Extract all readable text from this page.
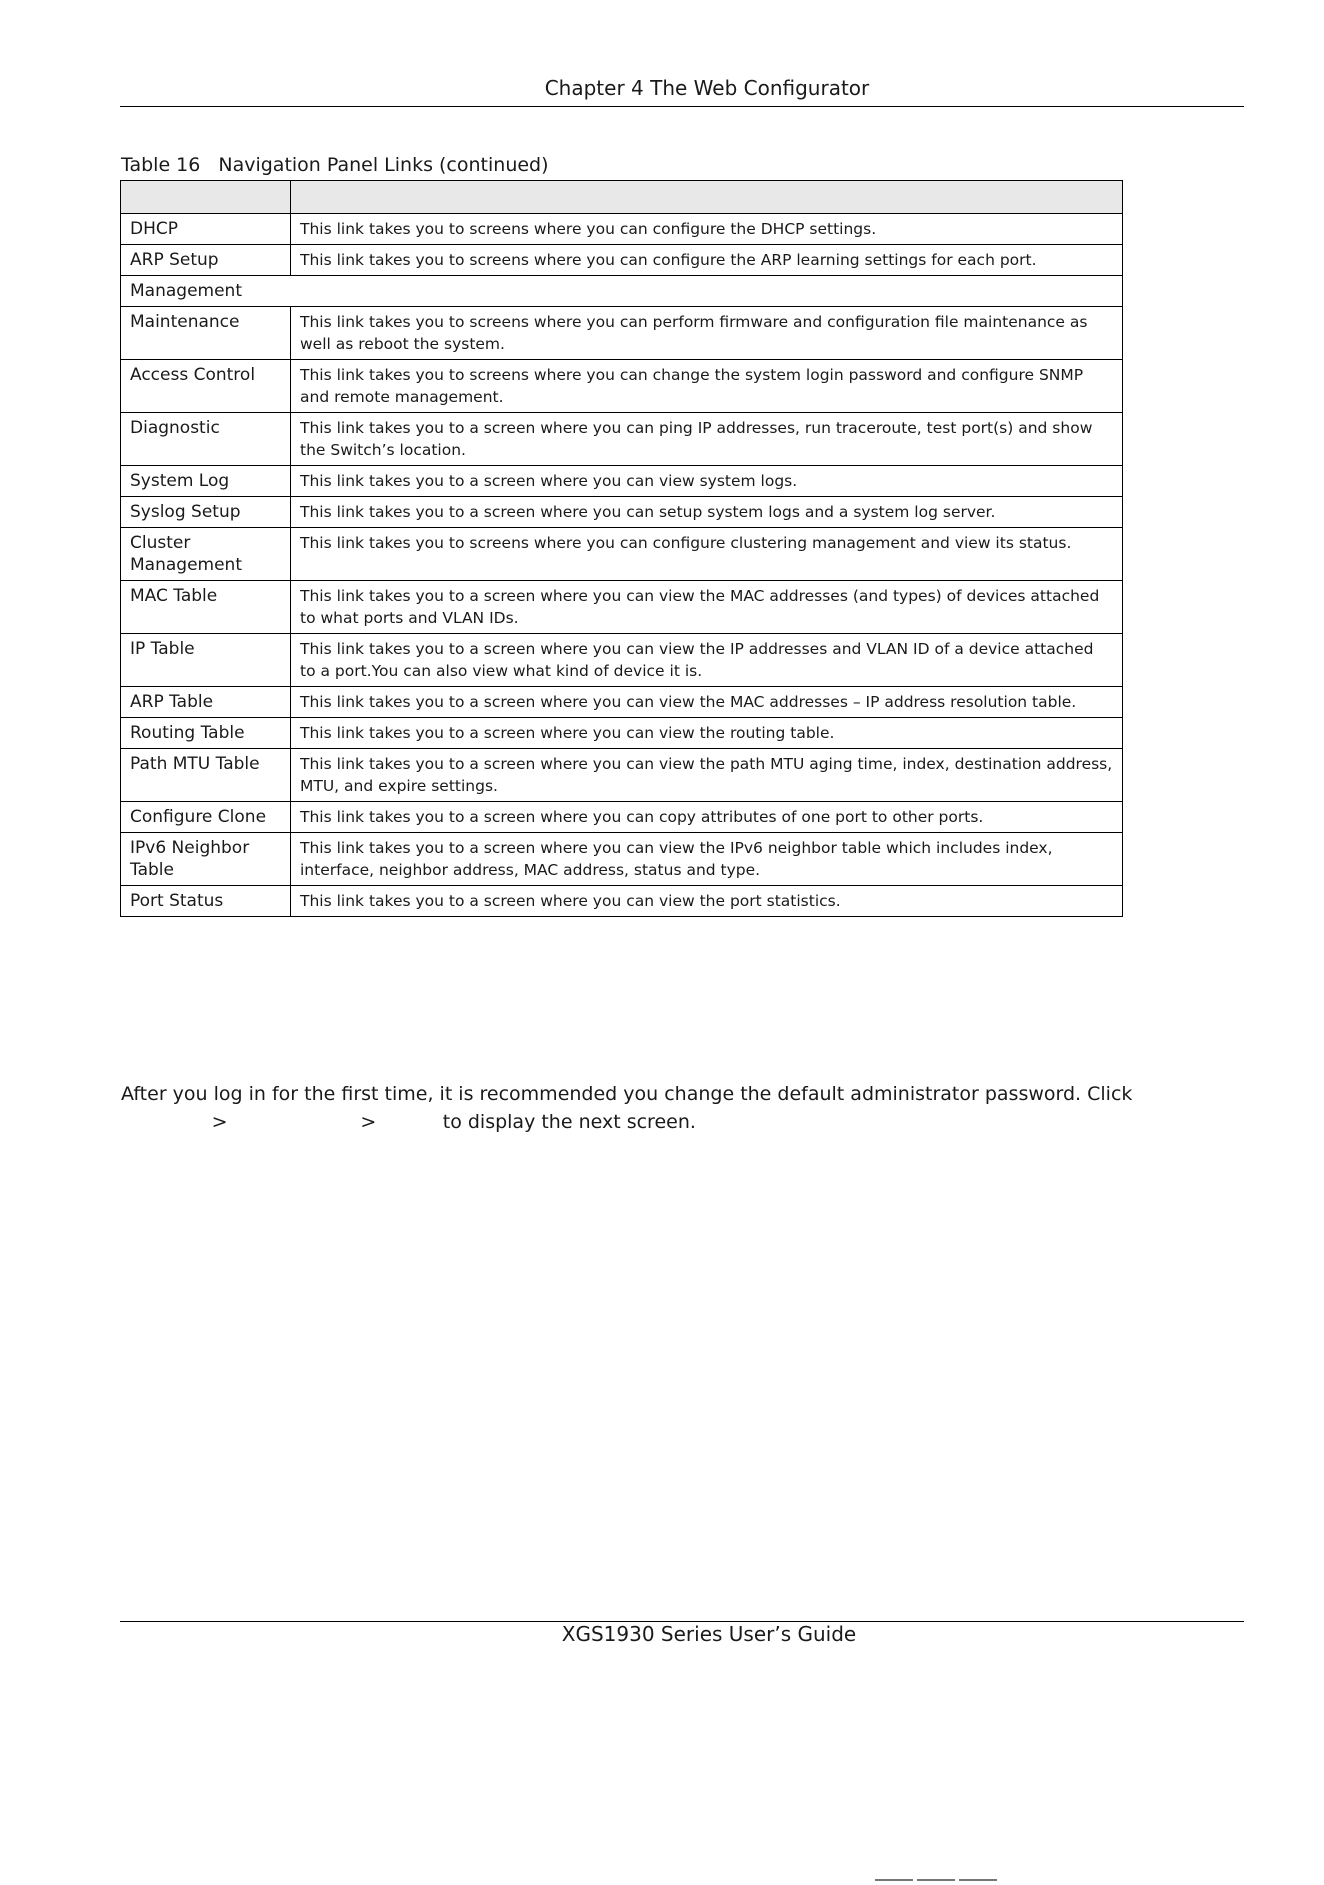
Chapter 4 The Web Configurator
Table 16 Navigation Panel Links (continued)

DHCP	This link takes you to screens where you can configure the DHCP settings.
ARP Setup	This link takes you to screens where you can configure the ARP learning settings for each port.
Management	
Maintenance	This link takes you to screens where you can perform firmware and configuration file maintenance as well as reboot the system.
Access Control	This link takes you to screens where you can change the system login password and configure SNMP and remote management.
Diagnostic	This link takes you to a screen where you can ping IP addresses, run traceroute, test port(s) and show the Switch’s location.
System Log	This link takes you to a screen where you can view system logs.
Syslog Setup	This link takes you to a screen where you can setup system logs and a system log server.
Cluster Management	This link takes you to screens where you can configure clustering management and view its status.
MAC Table	This link takes you to a screen where you can view the MAC addresses (and types) of devices attached to what ports and VLAN IDs.
IP Table	This link takes you to a screen where you can view the IP addresses and VLAN ID of a device attached to a port.You can also view what kind of device it is.
ARP Table	This link takes you to a screen where you can view the MAC addresses – IP address resolution table.
Routing Table	This link takes you to a screen where you can view the routing table.
Path MTU Table	This link takes you to a screen where you can view the path MTU aging time, index, destination address, MTU, and expire settings.
Configure Clone	This link takes you to a screen where you can copy attributes of one port to other ports.
IPv6 Neighbor Table	This link takes you to a screen where you can view the IPv6 neighbor table which includes index, interface, neighbor address, MAC address, status and type.
Port Status	This link takes you to a screen where you can view the port statistics.
After you log in for the first time, it is recommended you change the default administrator password. Click
>                      >           to display the next screen.
XGS1930 Series User’s Guide
